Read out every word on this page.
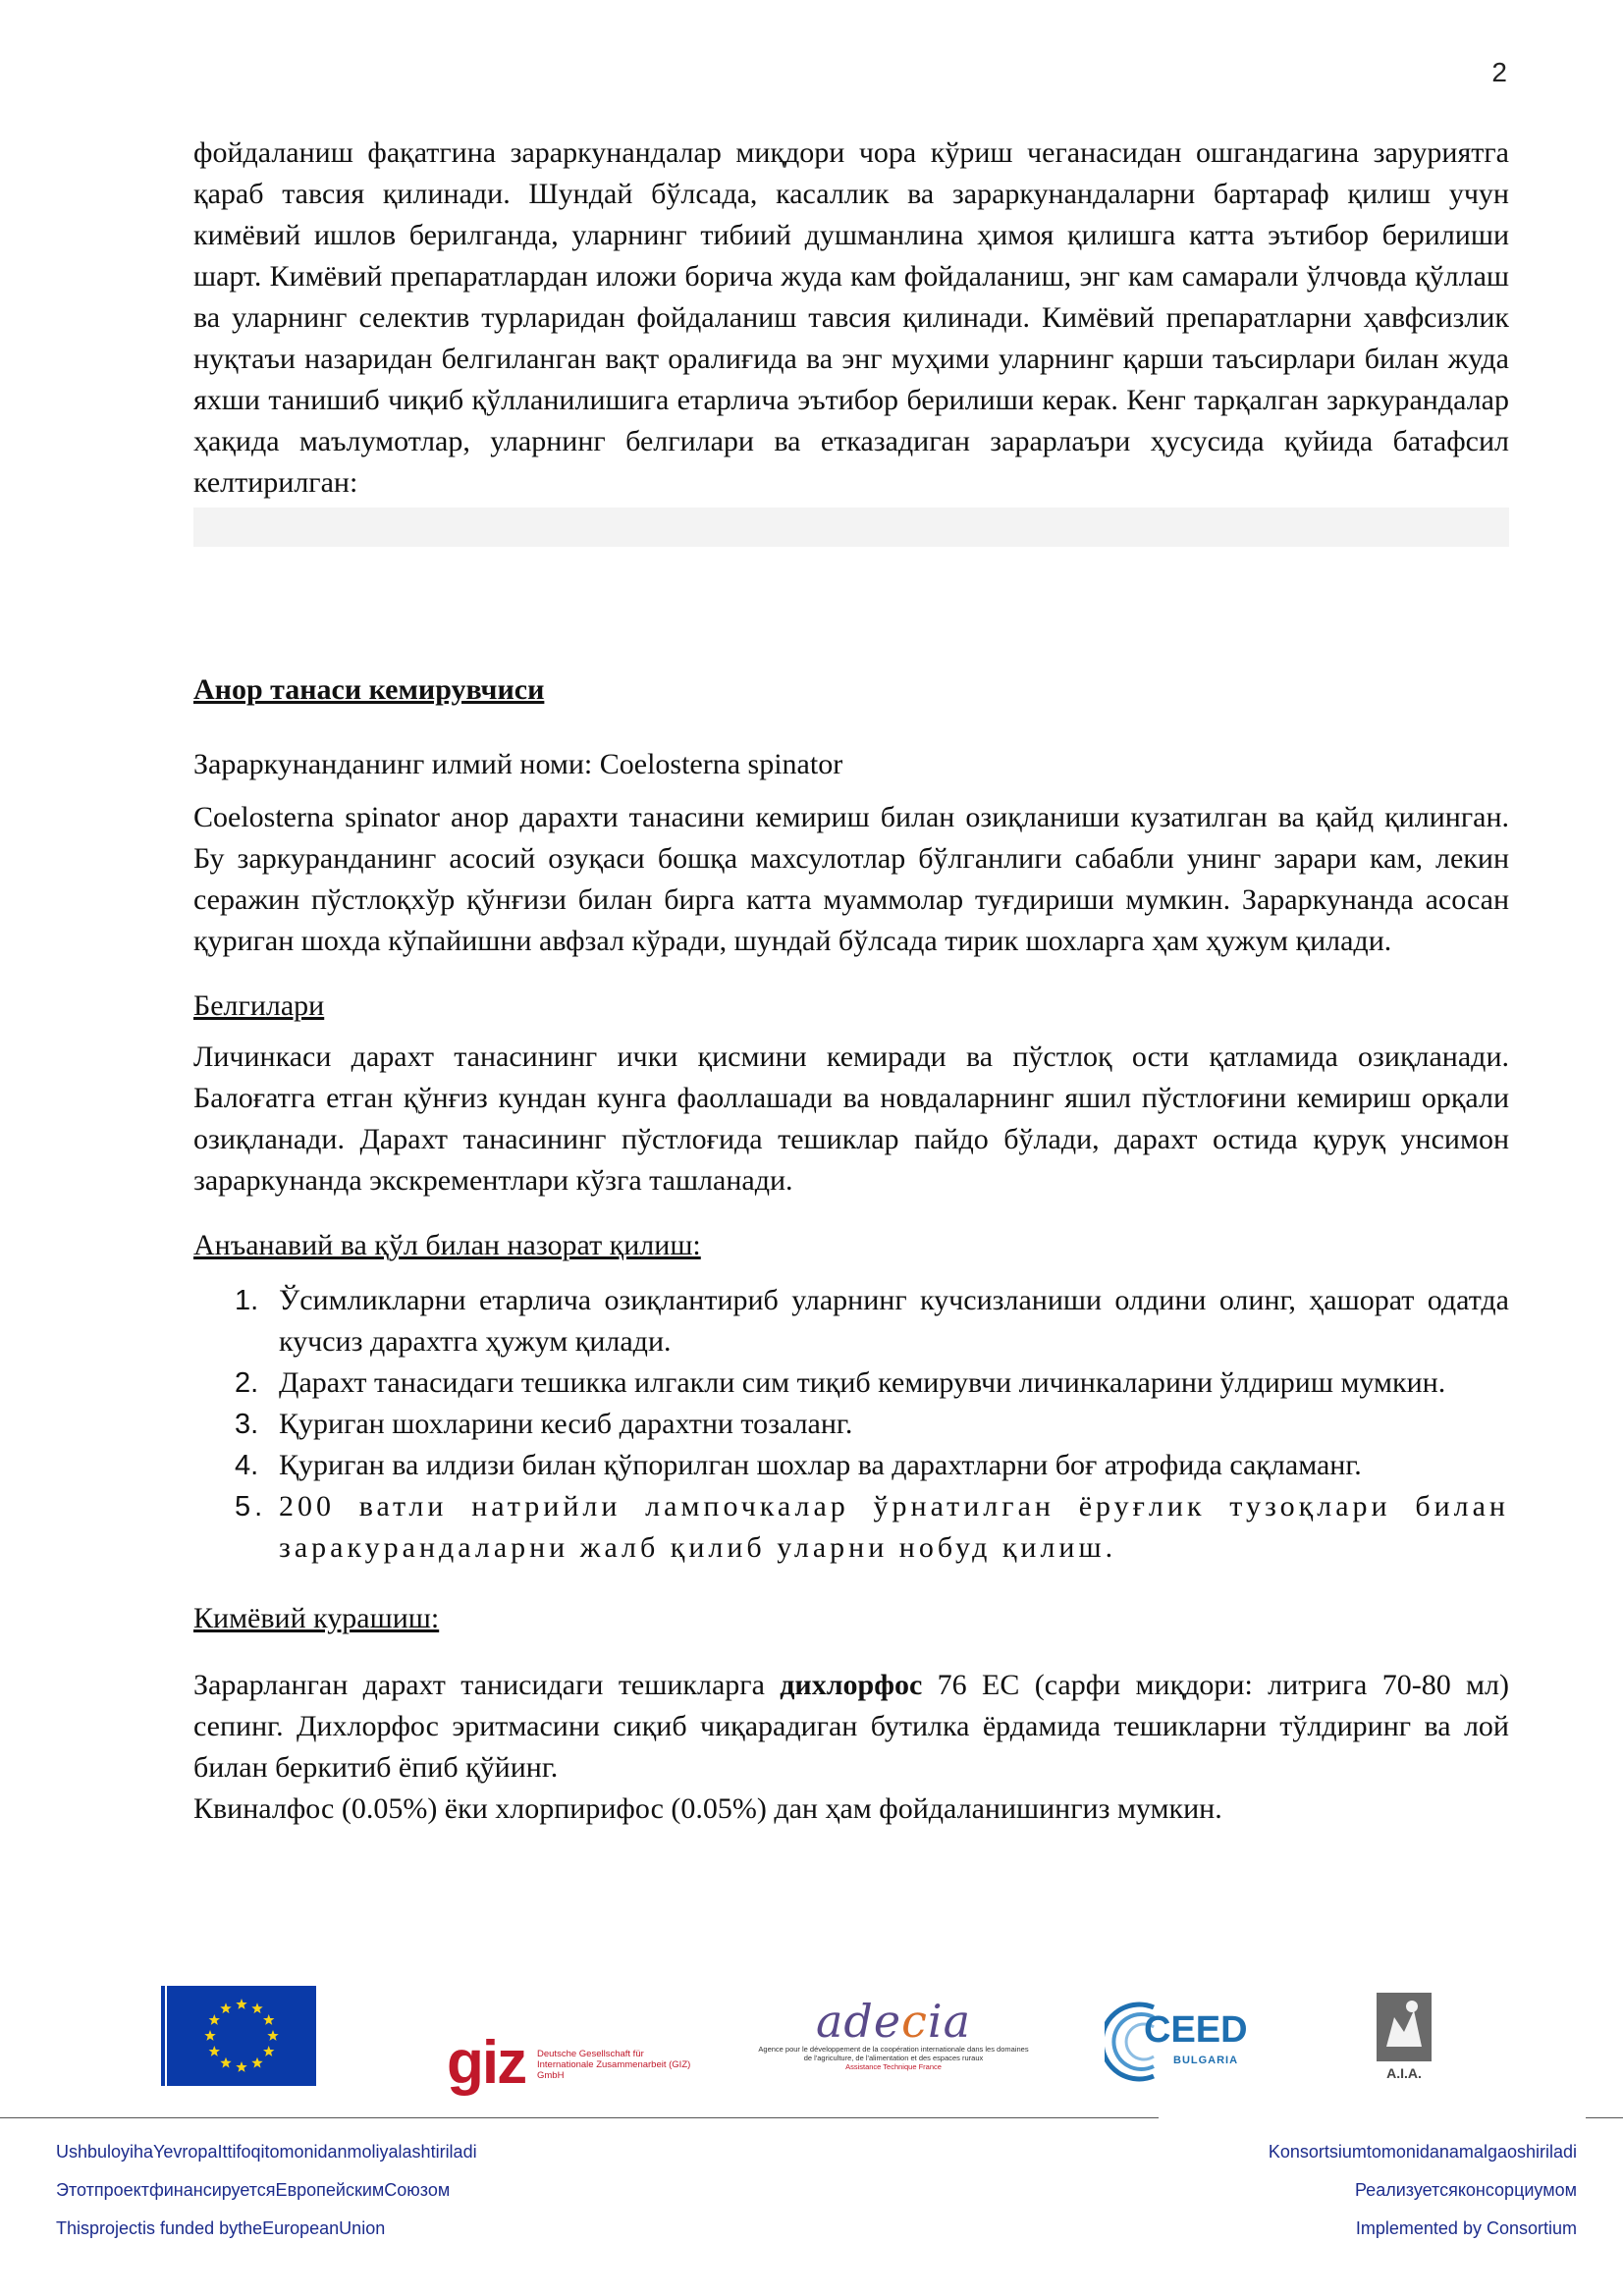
2

фойдаланиш фақатгина зараркунандалар миқдори чора кўриш чеганасидан ошгандагина зарурият​га қараб тавсия қилинади. Шундай бўлсада, касаллик ва зараркунандаларни бартараф қилиш учун кимёвий ишлов берилганда, уларнинг тибиий душманлина ҳимоя қилишга катта эътибор берилиши шарт. Кимёвий препаратлардан иложи борича жуда кам фойдаланиш, энг кам самарали ўлчовда қўллаш ва уларнинг селектив турларидан фойдаланиш тавсия қилинади. Кимёвий препаратларни ҳавфсизлик нуқтаъи назаридан белгиланган вақт оралиғида ва энг муҳими уларнинг қарши таъсирлари билан жуда яхши танишиб чиқиб қўлланилишига етарлича эътибор берилиши керак. Кенг тарқалган заркурандалар ҳақида маълумотлар, уларнинг белгилари ва етказадиган зарарлаъри ҳусусида қуйида батафсил келтирилган:

Анор танаси кемирувчиси

Зараркунанданинг илмий номи: Coelosterna spinator

Coelosterna spinator анор дарахти танасини кемириш билан озиқланиши кузатилган ва қайд қилинган. Бу заркуранданинг асосий озуқаси бошқа махсулотлар бўлганлиги сабабли унинг зарари кам, лекин серажин пўстлоқхўр қўнғизи билан бирга катта муаммолар туғдириши мумкин. Зараркунанда асосан қуриган шохда кўпайишни авфзал кўради, шундай бўлсада тирик шохларга ҳам ҳужум қилади.

Белгилари

Личинкаси дарахт танасининг ички қисмини кемиради ва пўстлоқ ости қатламида озиқланади. Балоғатга етган қўнғиз кундан кунга фаоллашади ва новдаларнинг яшил пўстлоғини кемириш орқали озиқланади. Дарахт танасининг пўстлоғида тешиклар пайдо бўлади, дарахт остида қуруқ унсимон зараркунанда экскрементлари кўзга ташланади.

Анъанавий ва қўл билан назорат қилиш:

1. Ўсимликларни етарлича озиқлантириб уларнинг кучсизланиши олдини олинг, ҳашорат одатда кучсиз дарахтга ҳужум қилади.
2. Дарахт танасидаги тешикка илгакли сим тиқиб кемирувчи личинкаларини ўлдириш мумкин.
3. Қуриган шохларини кесиб дарахтни тозаланг.
4. Қуриган ва илдизи билан қўпорилган шохлар ва дарахтларни боғ атрофида сақламанг.
5. 200 ватли натрийли лампочкалар ўрнатилган ёруғлик тузоқлари билан заракурандаларни жалб қилиб уларни нобуд қилиш.

Кимёвий курашиш:

Зарарланган дарахт танисидаги тешикларга дихлорфос 76 ЕС (сарфи миқдори: литрига 70-80 мл) сепинг. Дихлорфос эритмасини сиқиб чиқарадиган бутилка ёрдамида тешикларни тўлдиринг ва лой билан беркитиб ёпиб қўйинг.

Квиналфос (0.05%) ёки хлорпирифос (0.05%) дан ҳам фойдаланишингиз мумкин.

giz Deutsche Gesellschaft für Internationale Zusammenarbeit (GIZ) GmbH
adecia
Agence pour le développement de la coopération internationale dans les domaines de l'agriculture, de l'alimentation et des espaces ruraux
Assistance Technique France
CEED
BULGARIA
A.I.A.
UshbuloyihaYevropaIttifoqitomonidanmoliyalashtiriladi
ЭтотпроектфинансируетсяЕвропейскимСоюзом
Thisprojectis funded bytheEuropeanUnion
Konsortsiumtomonidanamalgaoshiriladi
Реализуетсяконсорциумом
Implemented by Consortium
